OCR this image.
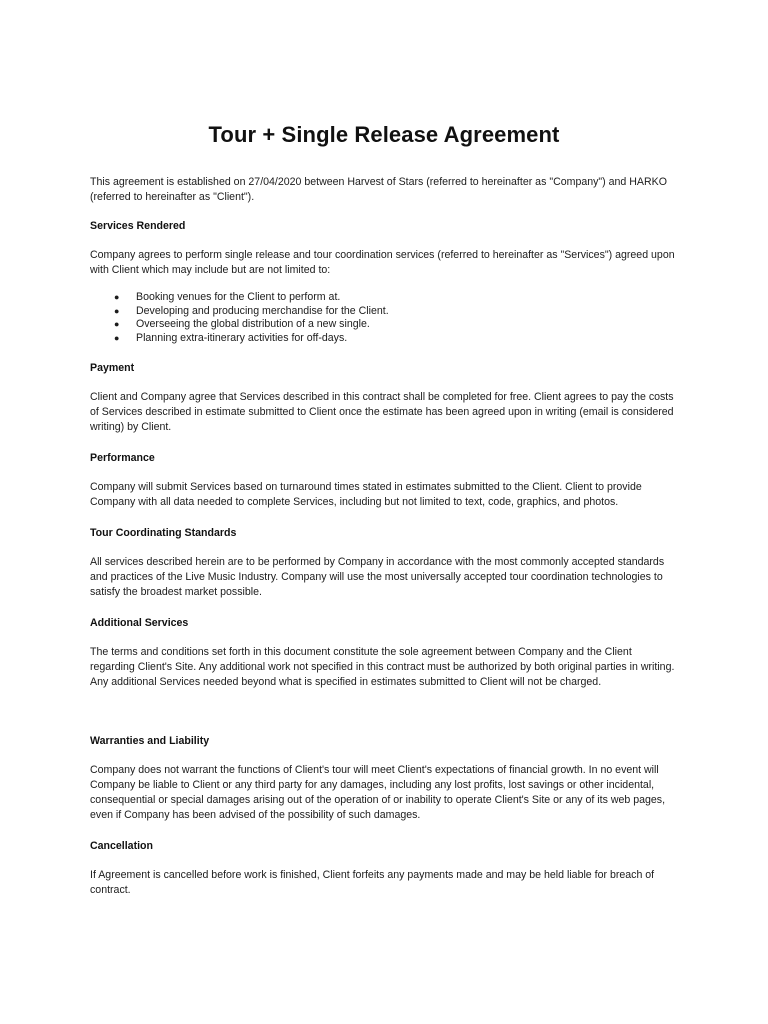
Tour + Single Release Agreement

This agreement is established on 27/04/2020 between Harvest of Stars (referred to hereinafter as "Company") and HARKO (referred to hereinafter as "Client").

Services Rendered

Company agrees to perform single release and tour coordination services (referred to hereinafter as "Services") agreed upon with Client which may include but are not limited to:

● Booking venues for the Client to perform at.
● Developing and producing merchandise for the Client.
● Overseeing the global distribution of a new single.
● Planning extra-itinerary activities for off-days.

Payment

Client and Company agree that Services described in this contract shall be completed for free. Client agrees to pay the costs of Services described in estimate submitted to Client once the estimate has been agreed upon in writing (email is considered writing) by Client.

Performance

Company will submit Services based on turnaround times stated in estimates submitted to the Client. Client to provide Company with all data needed to complete Services, including but not limited to text, code, graphics, and photos.

Tour Coordinating Standards

All services described herein are to be performed by Company in accordance with the most commonly accepted standards and practices of the Live Music Industry. Company will use the most universally accepted tour coordination technologies to satisfy the broadest market possible.

Additional Services

The terms and conditions set forth in this document constitute the sole agreement between Company and the Client regarding Client's Site. Any additional work not specified in this contract must be authorized by both original parties in writing. Any additional Services needed beyond what is specified in estimates submitted to Client will not be charged.

Warranties and Liability

Company does not warrant the functions of Client's tour will meet Client's expectations of financial growth. In no event will Company be liable to Client or any third party for any damages, including any lost profits, lost savings or other incidental, consequential or special damages arising out of the operation of or inability to operate Client's Site or any of its web pages, even if Company has been advised of the possibility of such damages.

Cancellation

If Agreement is cancelled before work is finished, Client forfeits any payments made and may be held liable for breach of contract.
